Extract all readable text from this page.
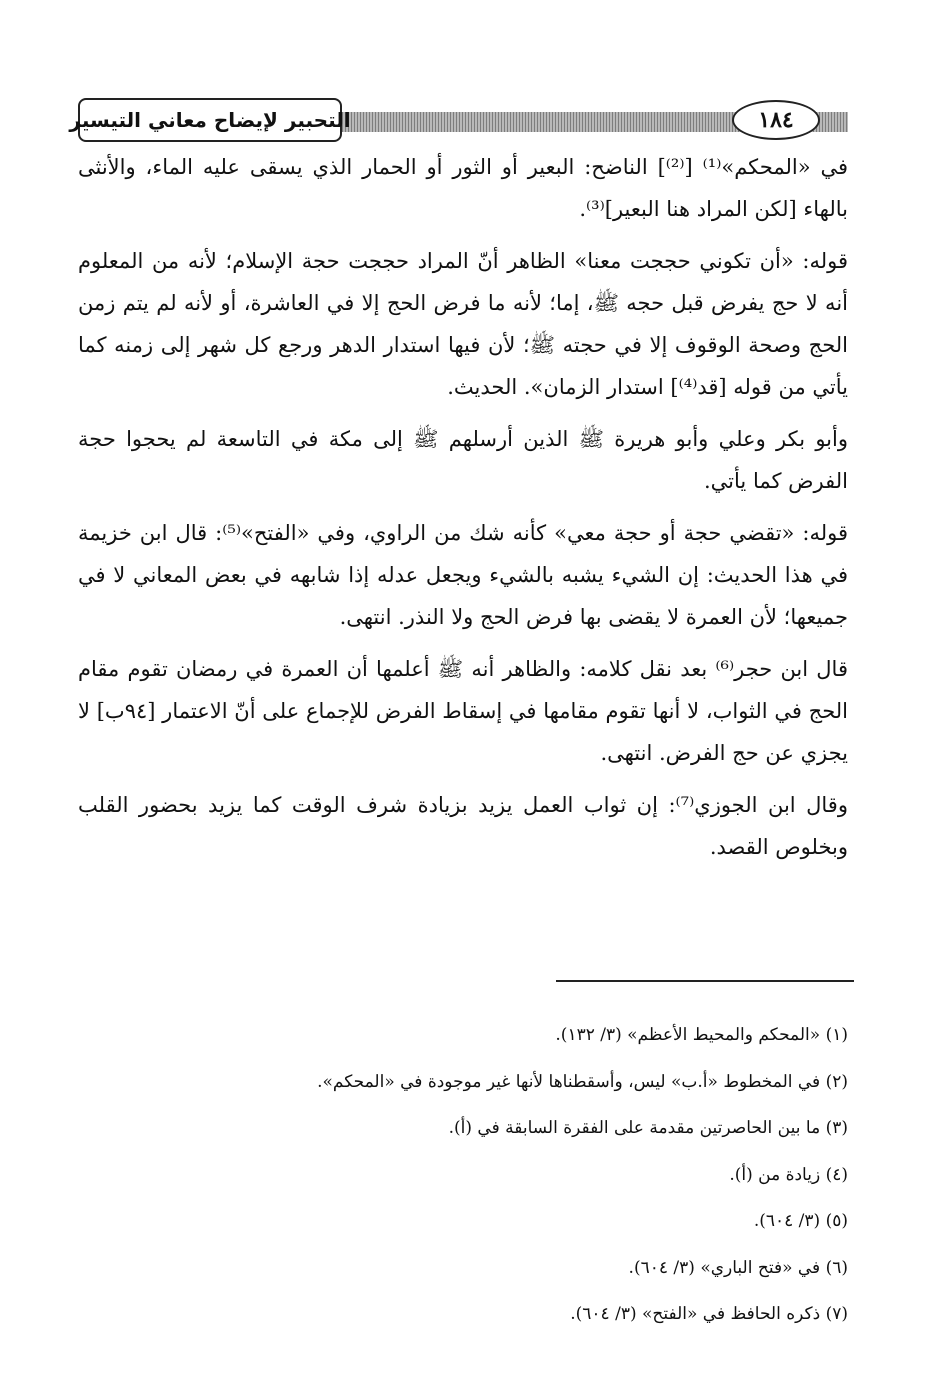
التحبير لإيضاح معاني التيسير	١٨٤

في «المحكم»⁽¹⁾ [⁽²⁾] الناضح: البعير أو الثور أو الحمار الذي يسقى عليه الماء، والأنثى بالهاء [لكن المراد هنا البعير]⁽³⁾.

قوله: «أن تكوني حججت معنا» الظاهر أنّ المراد حججت حجة الإسلام؛ لأنه من المعلوم أنه لا حج يفرض قبل حجه ﷺ، إما؛ لأنه ما فرض الحج إلا في العاشرة، أو لأنه لم يتم زمن الحج وصحة الوقوف إلا في حجته ﷺ؛ لأن فيها استدار الدهر ورجع كل شهر إلى زمنه كما يأتي من قوله [قد⁽⁴⁾] استدار الزمان». الحديث.

وأبو بكر وعلي وأبو هريرة ﷺ الذين أرسلهم ﷺ إلى مكة في التاسعة لم يحجوا حجة الفرض كما يأتي.

قوله: «تقضي حجة أو حجة معي» كأنه شك من الراوي، وفي «الفتح»⁽⁵⁾: قال ابن خزيمة في هذا الحديث: إن الشيء يشبه بالشيء ويجعل عدله إذا شابهه في بعض المعاني لا في جميعها؛ لأن العمرة لا يقضى بها فرض الحج ولا النذر. انتهى.

قال ابن حجر⁽⁶⁾ بعد نقل كلامه: والظاهر أنه ﷺ أعلمها أن العمرة في رمضان تقوم مقام الحج في الثواب، لا أنها تقوم مقامها في إسقاط الفرض للإجماع على أنّ الاعتمار [٩٤ب] لا يجزي عن حج الفرض. انتهى.

وقال ابن الجوزي⁽⁷⁾: إن ثواب العمل يزيد بزيادة شرف الوقت كما يزيد بحضور القلب وبخلوص القصد.

(١) «المحكم والمحيط الأعظم» (٣/ ١٣٢).

(٢) في المخطوط «أ.ب» ليس، وأسقطناها لأنها غير موجودة في «المحكم».

(٣) ما بين الحاصرتين مقدمة على الفقرة السابقة في (أ).

(٤) زيادة من (أ).

(٥) (٣/ ٦٠٤).

(٦) في «فتح الباري» (٣/ ٦٠٤).

(٧) ذكره الحافظ في «الفتح» (٣/ ٦٠٤).
